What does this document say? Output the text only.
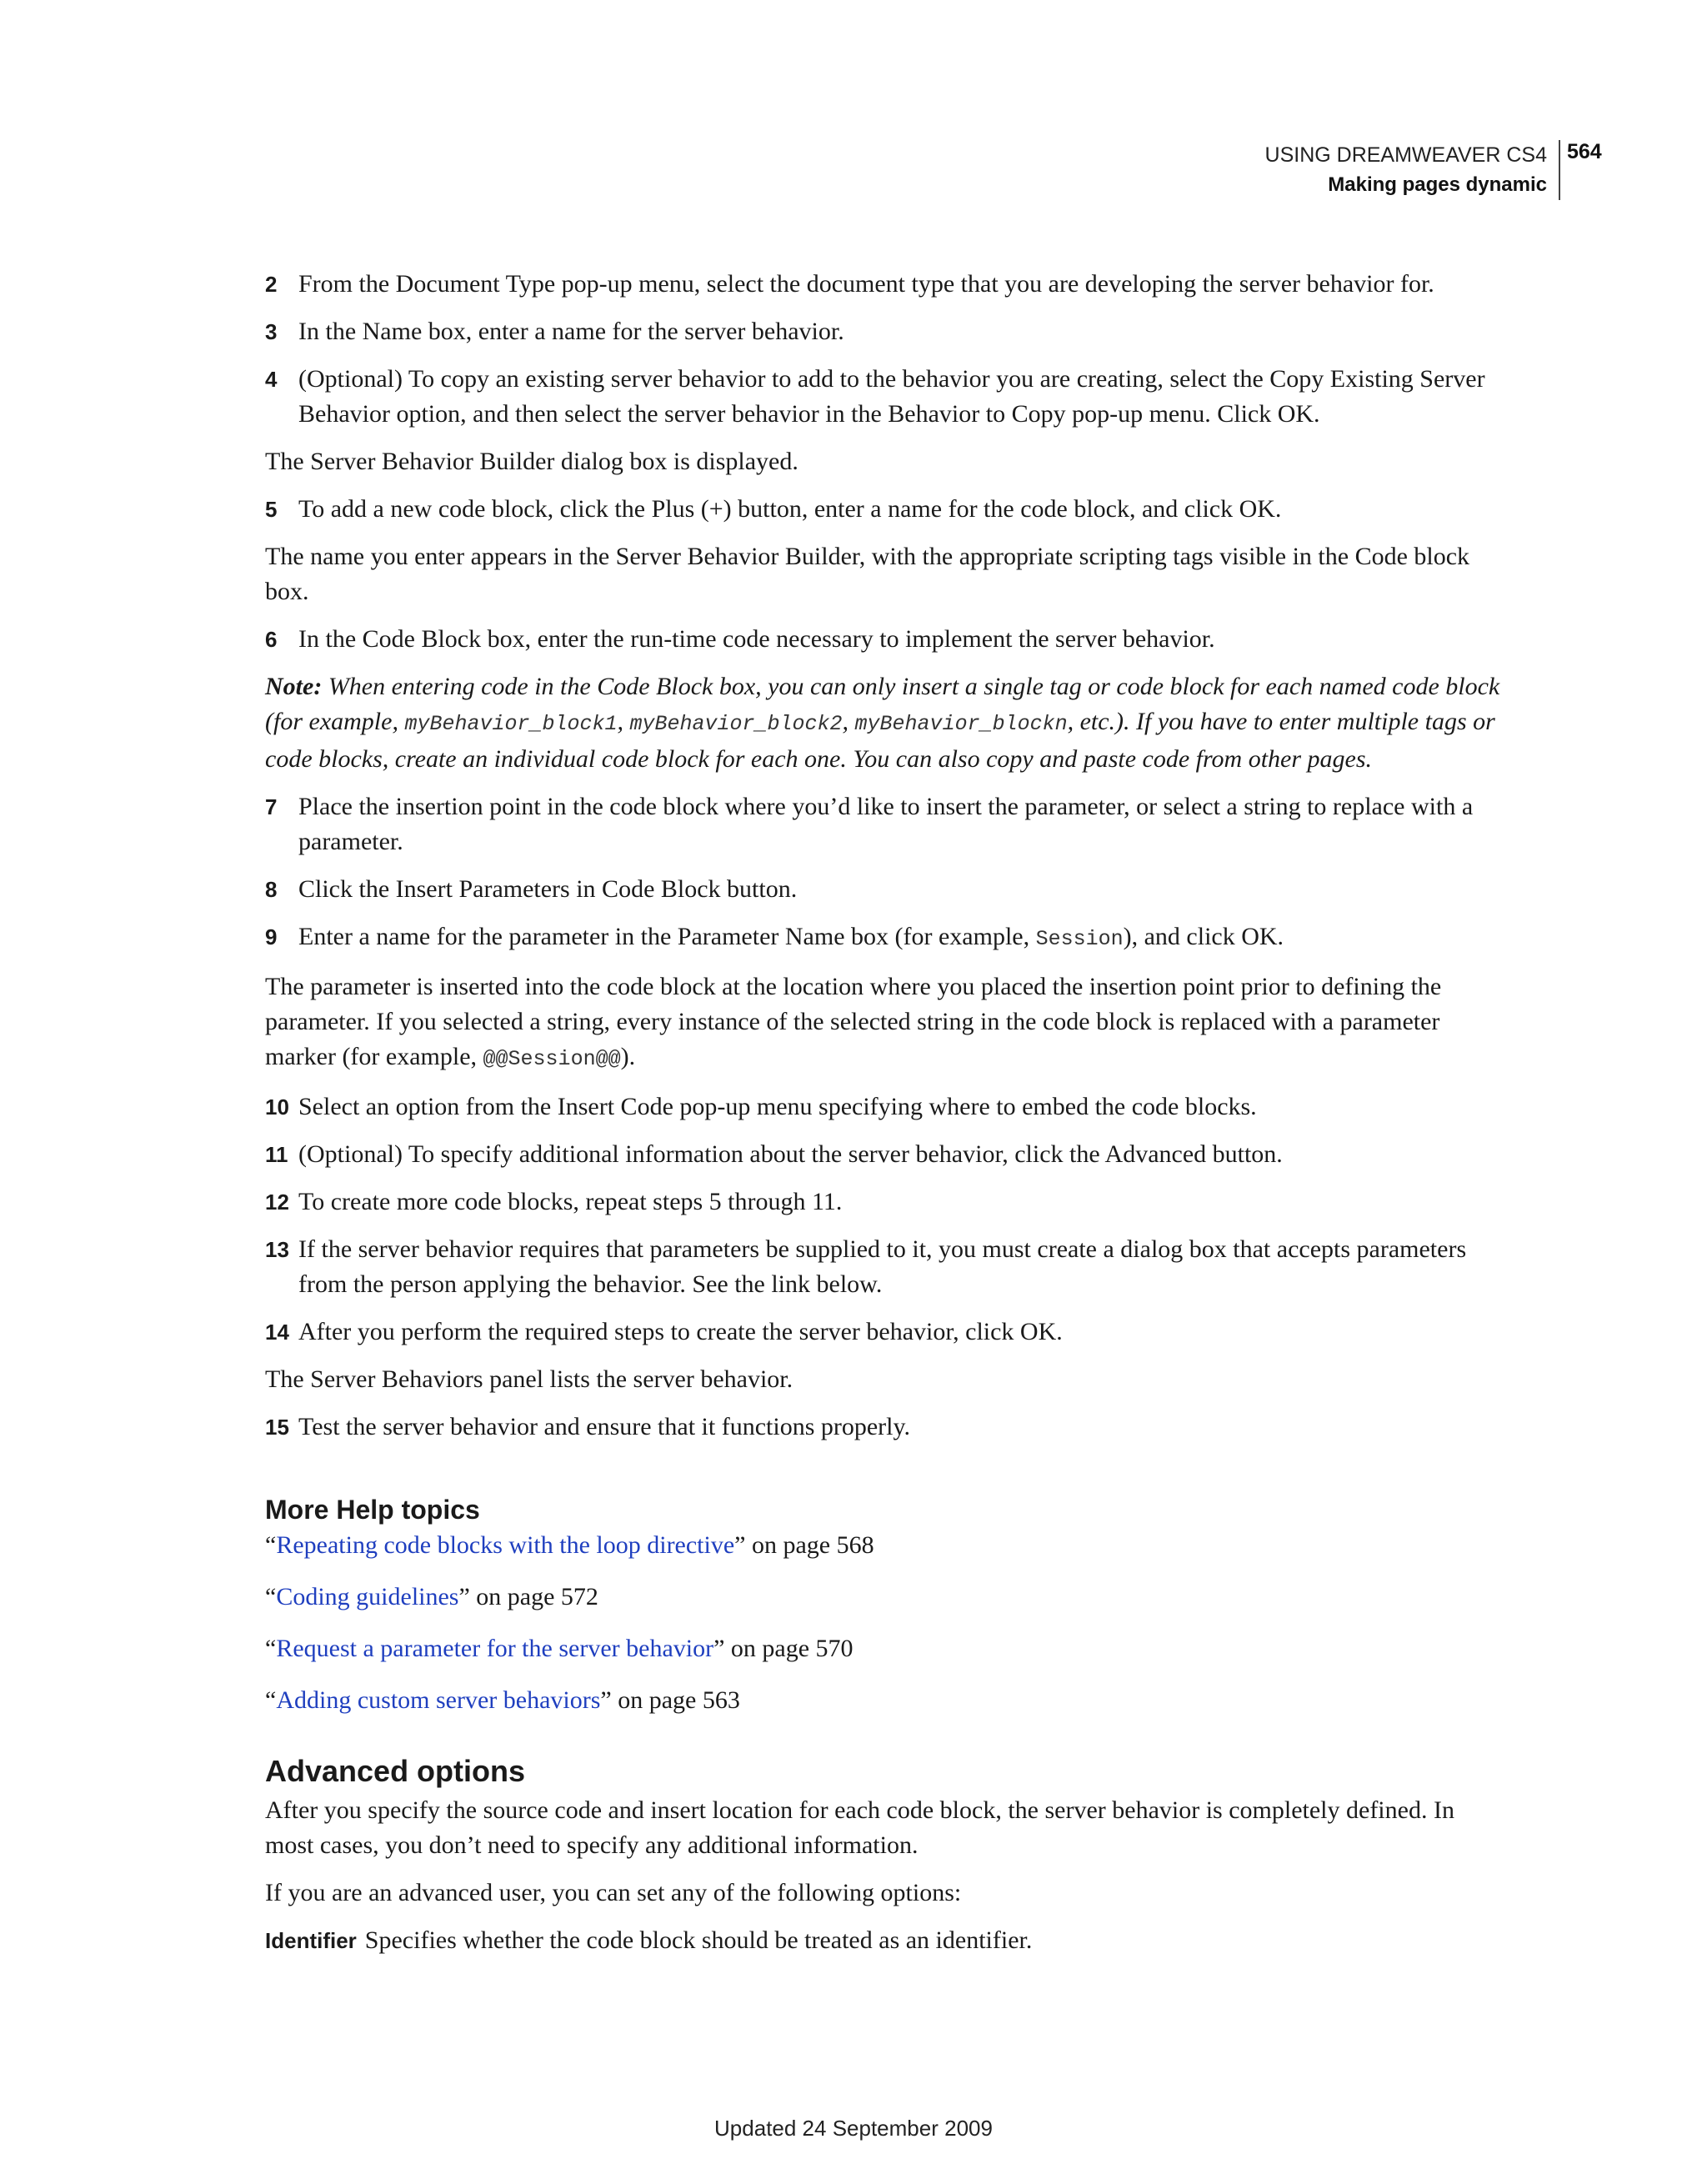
USING DREAMWEAVER CS4
Making pages dynamic
564
2 From the Document Type pop-up menu, select the document type that you are developing the server behavior for.
3 In the Name box, enter a name for the server behavior.
4 (Optional) To copy an existing server behavior to add to the behavior you are creating, select the Copy Existing Server Behavior option, and then select the server behavior in the Behavior to Copy pop-up menu. Click OK.
The Server Behavior Builder dialog box is displayed.
5 To add a new code block, click the Plus (+) button, enter a name for the code block, and click OK.
The name you enter appears in the Server Behavior Builder, with the appropriate scripting tags visible in the Code block box.
6 In the Code Block box, enter the run-time code necessary to implement the server behavior.
Note: When entering code in the Code Block box, you can only insert a single tag or code block for each named code block (for example, myBehavior_block1, myBehavior_block2, myBehavior_blockn, etc.). If you have to enter multiple tags or code blocks, create an individual code block for each one. You can also copy and paste code from other pages.
7 Place the insertion point in the code block where you’d like to insert the parameter, or select a string to replace with a parameter.
8 Click the Insert Parameters in Code Block button.
9 Enter a name for the parameter in the Parameter Name box (for example, Session), and click OK.
The parameter is inserted into the code block at the location where you placed the insertion point prior to defining the parameter. If you selected a string, every instance of the selected string in the code block is replaced with a parameter marker (for example, @@Session@@).
10 Select an option from the Insert Code pop-up menu specifying where to embed the code blocks.
11 (Optional) To specify additional information about the server behavior, click the Advanced button.
12 To create more code blocks, repeat steps 5 through 11.
13 If the server behavior requires that parameters be supplied to it, you must create a dialog box that accepts parameters from the person applying the behavior. See the link below.
14 After you perform the required steps to create the server behavior, click OK.
The Server Behaviors panel lists the server behavior.
15 Test the server behavior and ensure that it functions properly.
More Help topics
“Repeating code blocks with the loop directive” on page 568
“Coding guidelines” on page 572
“Request a parameter for the server behavior” on page 570
“Adding custom server behaviors” on page 563
Advanced options
After you specify the source code and insert location for each code block, the server behavior is completely defined. In most cases, you don’t need to specify any additional information.
If you are an advanced user, you can set any of the following options:
Identifier Specifies whether the code block should be treated as an identifier.
Updated 24 September 2009
